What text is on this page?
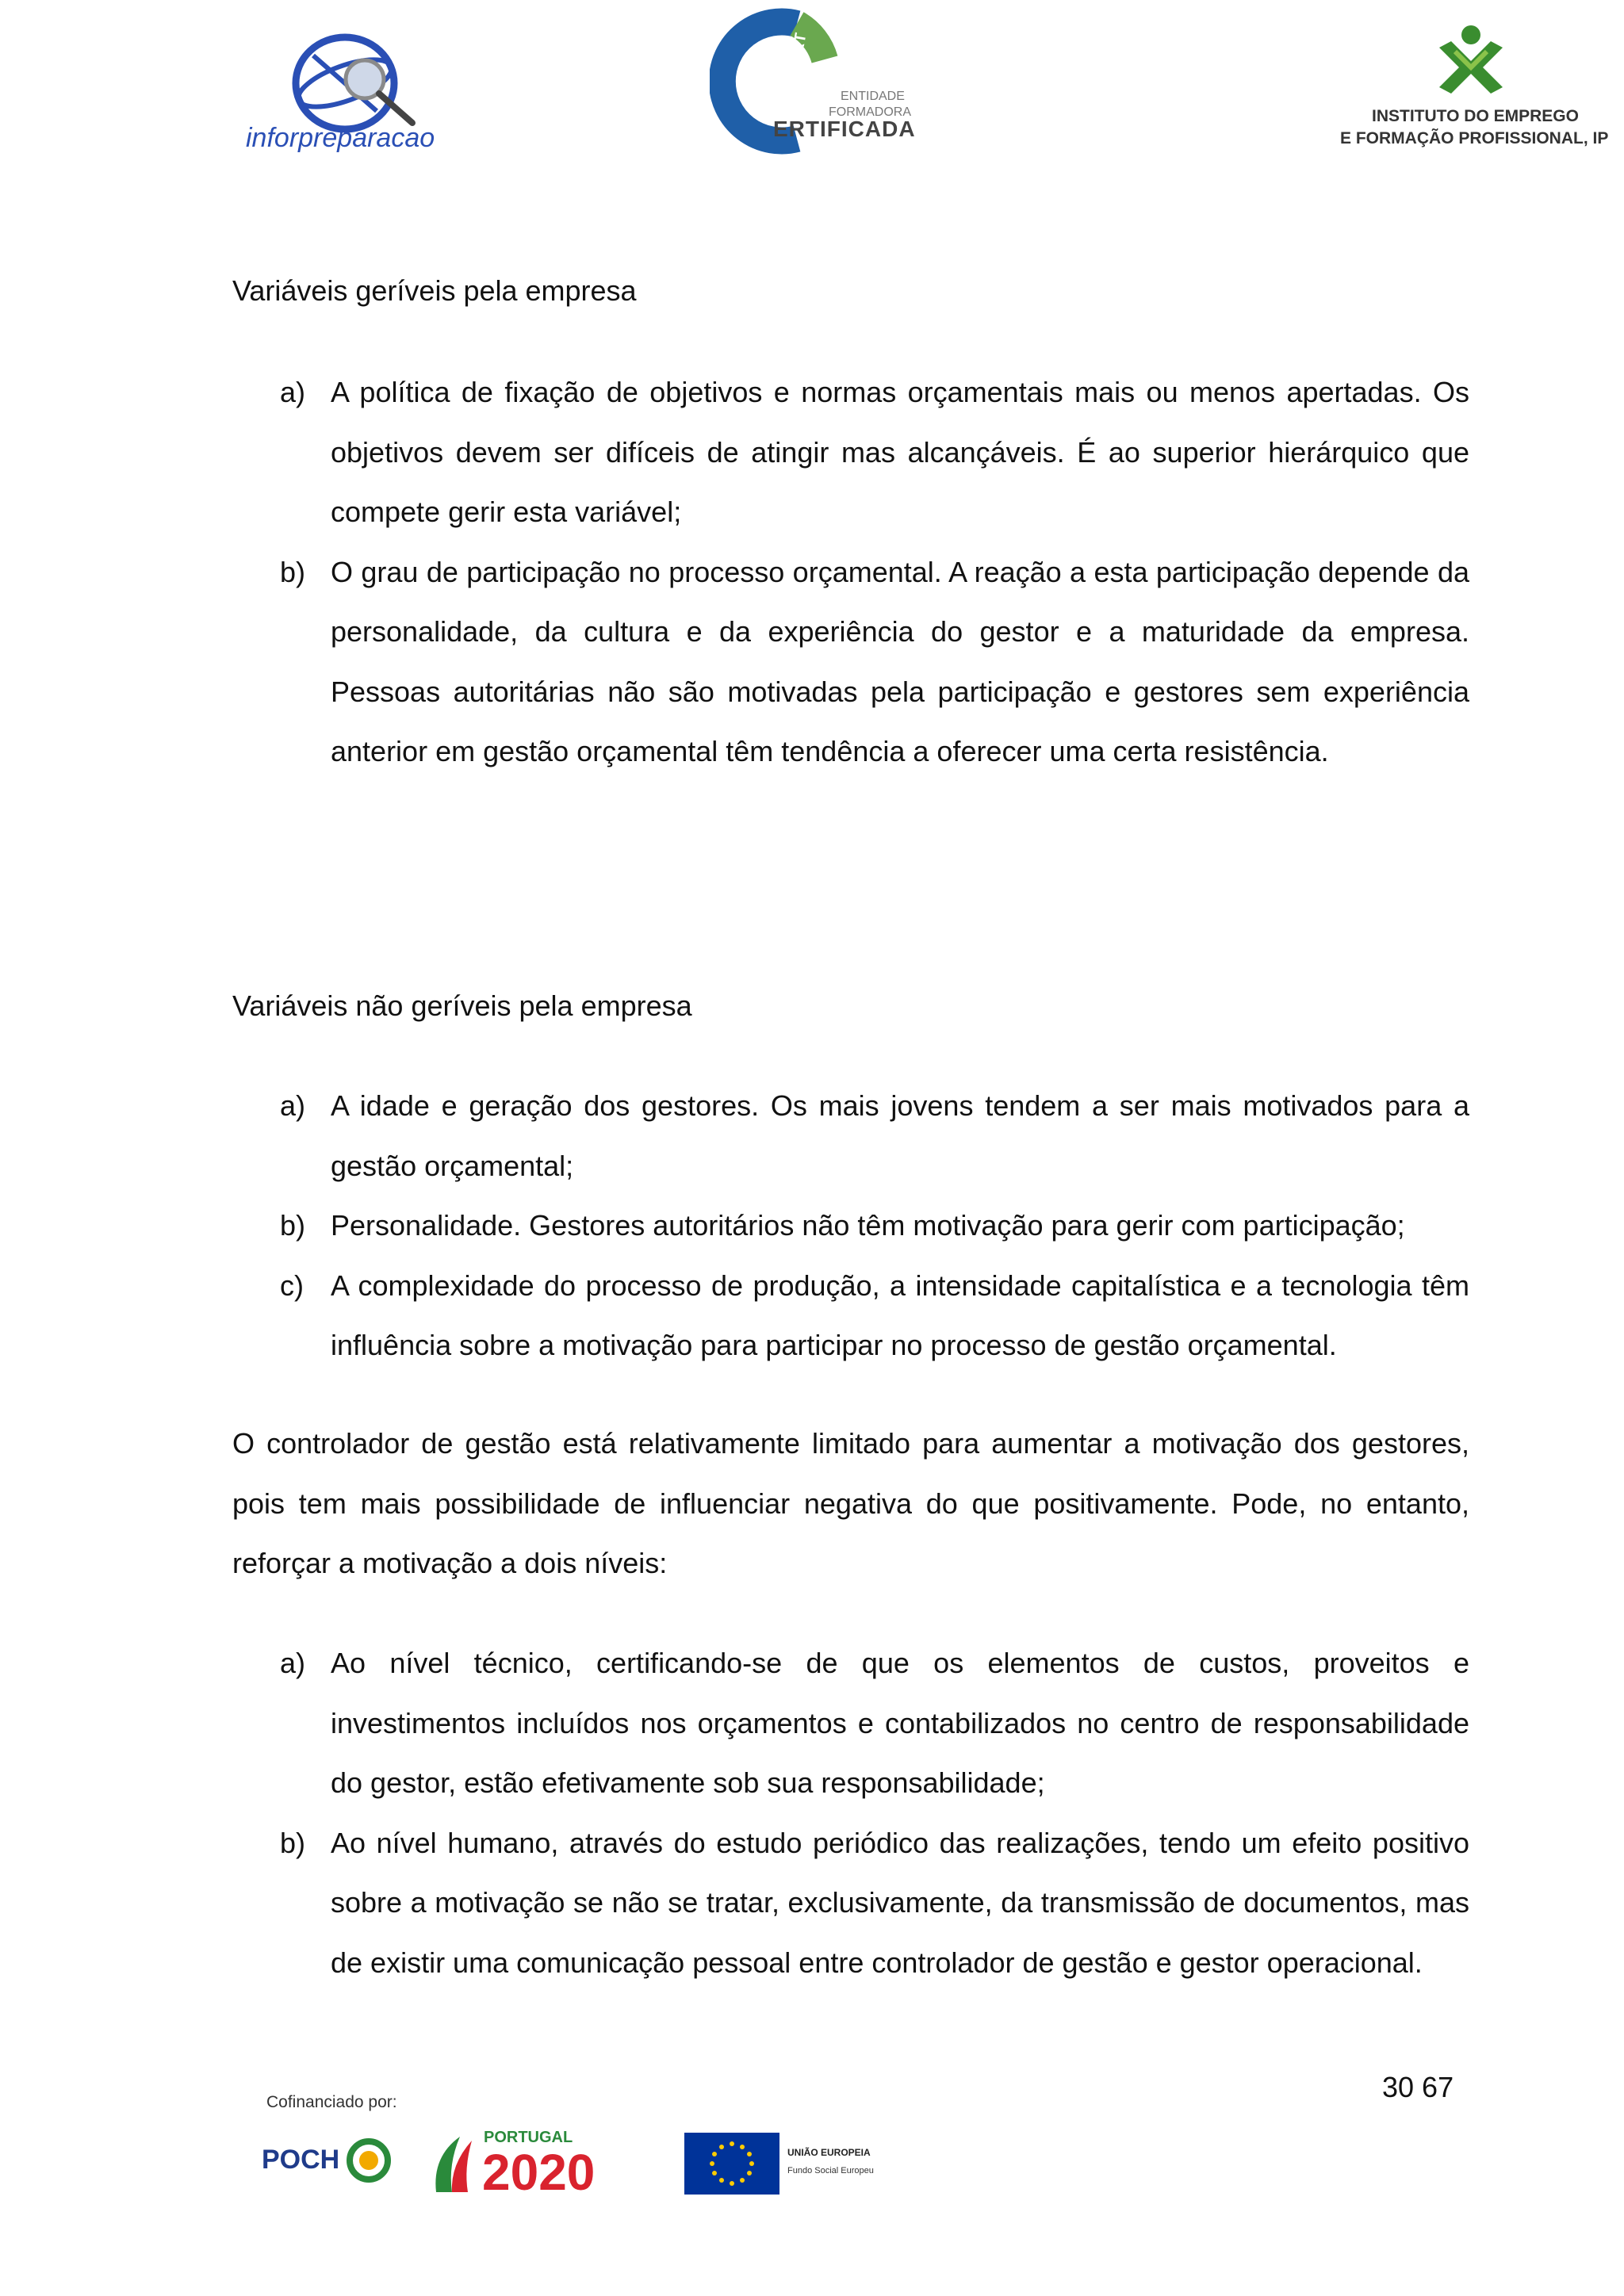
inforpreparacao
DGERT
ENTIDADE
FORMADORA
ERTIFICADA
INSTITUTO DO EMPREGO
E FORMAÇÃO PROFISSIONAL, IP
Variáveis geríveis pela empresa
a) A política de fixação de objetivos e normas orçamentais mais ou menos apertadas. Os objetivos devem ser difíceis de atingir mas alcançáveis. É ao superior hierárquico que compete gerir esta variável;
b) O grau de participação no processo orçamental. A reação a esta participação depende da personalidade, da cultura e da experiência do gestor e a maturidade da empresa. Pessoas autoritárias não são motivadas pela participação e gestores sem experiência anterior em gestão orçamental têm tendência a oferecer uma certa resistência.
Variáveis não geríveis pela empresa
a) A idade e geração dos gestores. Os mais jovens tendem a ser mais motivados para a gestão orçamental;
b) Personalidade. Gestores autoritários não têm motivação para gerir com participação;
c) A complexidade do processo de produção, a intensidade capitalística e a tecnologia têm influência sobre a motivação para participar no processo de gestão orçamental.
O controlador de gestão está relativamente limitado para aumentar a motivação dos gestores, pois tem mais possibilidade de influenciar negativa do que positivamente. Pode, no entanto, reforçar a motivação a dois níveis:
a) Ao nível técnico, certificando-se de que os elementos de custos, proveitos e investimentos incluídos nos orçamentos e contabilizados no centro de responsabilidade do gestor, estão efetivamente sob sua responsabilidade;
b) Ao nível humano, através do estudo periódico das realizações, tendo um efeito positivo sobre a motivação se não se tratar, exclusivamente, da transmissão de documentos, mas de existir uma comunicação pessoal entre controlador de gestão e gestor operacional.
30 67
Cofinanciado por:
POCH
PORTUGAL
2020	UNIÃO EUROPEIA
Fundo Social Europeu
